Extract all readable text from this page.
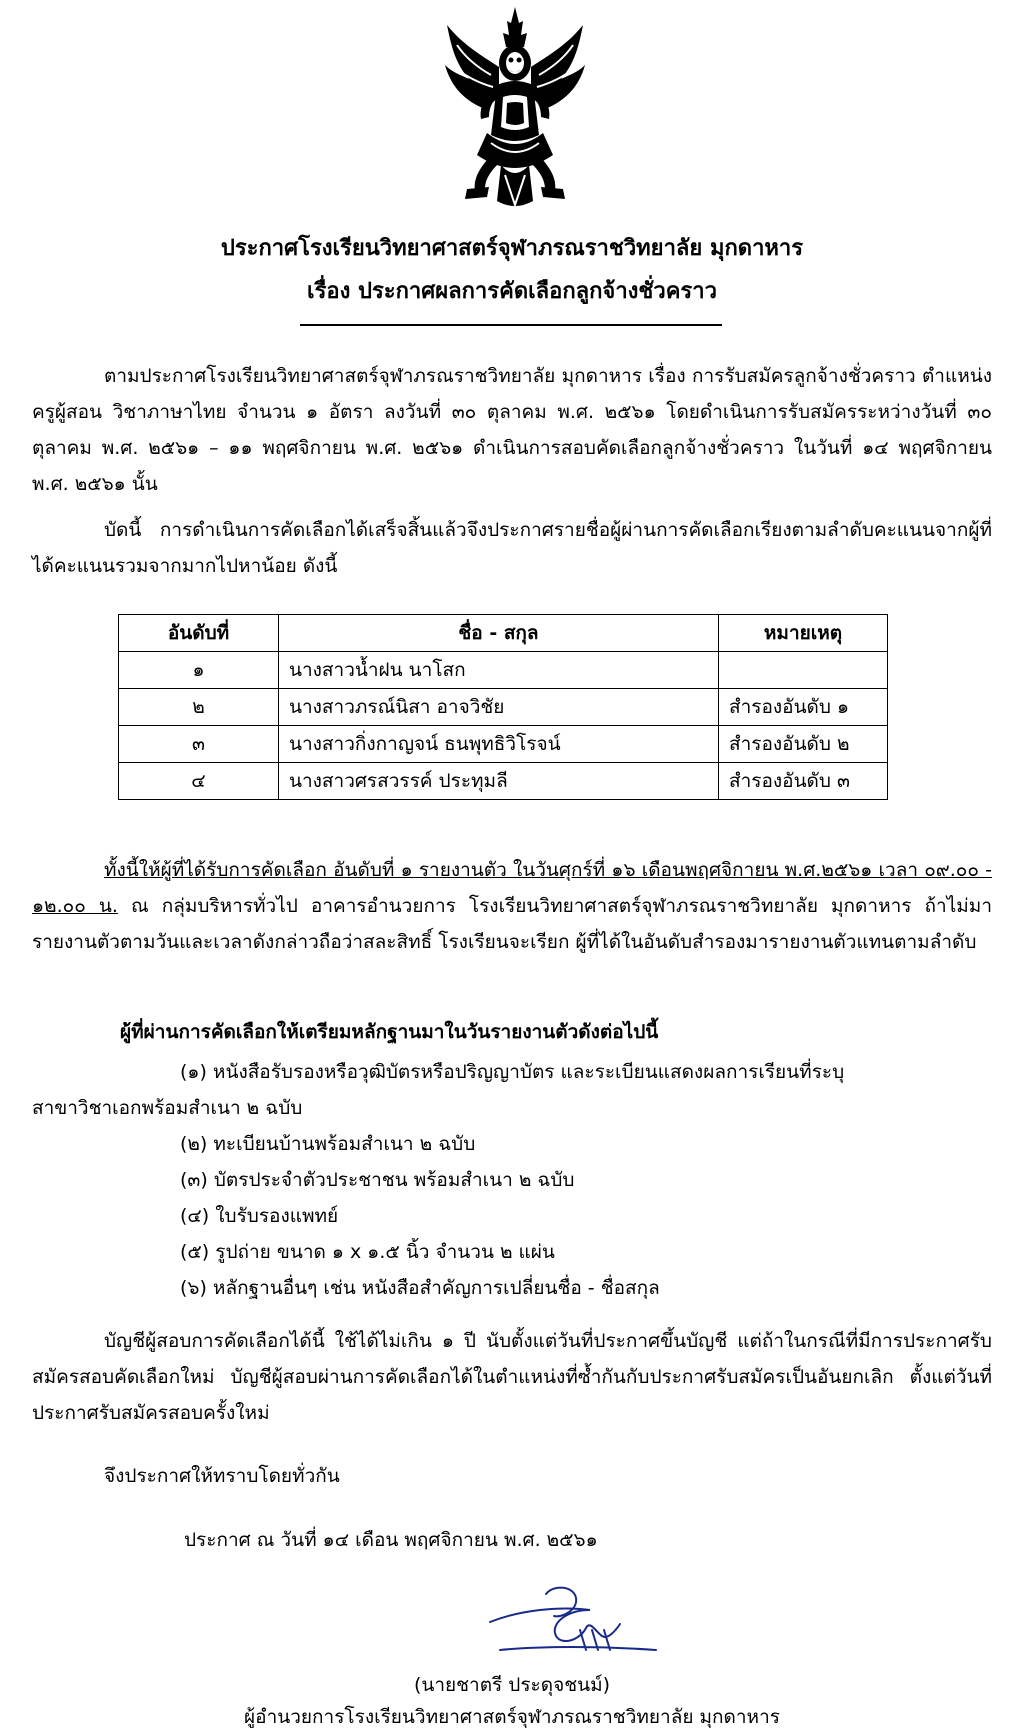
ประกาศโรงเรียนวิทยาศาสตร์จุฬาภรณราชวิทยาลัย มุกดาหาร
เรื่อง ประกาศผลการคัดเลือกลูกจ้างชั่วคราว
ตามประกาศโรงเรียนวิทยาศาสตร์จุฬาภรณราชวิทยาลัย มุกดาหาร เรื่อง การรับสมัครลูกจ้างชั่วคราว ตำแหน่ง ครูผู้สอน วิชาภาษาไทย จำนวน ๑ อัตรา ลงวันที่ ๓๐ ตุลาคม พ.ศ. ๒๕๖๑ โดยดำเนินการรับสมัครระหว่างวันที่ ๓๐ ตุลาคม พ.ศ. ๒๕๖๑ – ๑๑ พฤศจิกายน พ.ศ. ๒๕๖๑ ดำเนินการสอบคัดเลือกลูกจ้างชั่วคราว ในวันที่ ๑๔ พฤศจิกายน พ.ศ. ๒๕๖๑ นั้น
บัดนี้ การดำเนินการคัดเลือกได้เสร็จสิ้นแล้วจึงประกาศรายชื่อผู้ผ่านการคัดเลือกเรียงตามลำดับคะแนนจากผู้ที่ได้คะแนนรวมจากมากไปหาน้อย ดังนี้
อันดับที่	ชื่อ - สกุล	หมายเหตุ
๑	นางสาวน้ำฝน นาโสก	
๒	นางสาวภรณ์นิสา อาจวิชัย	สำรองอันดับ ๑
๓	นางสาวกิ่งกาญจน์ ธนพุทธิวิโรจน์	สำรองอันดับ ๒
๔	นางสาวศรสวรรค์ ประทุมลี	สำรองอันดับ ๓
ทั้งนี้ให้ผู้ที่ได้รับการคัดเลือก อันดับที่ ๑ รายงานตัว ในวันศุกร์ที่ ๑๖ เดือนพฤศจิกายน พ.ศ.๒๕๖๑ เวลา ๐๙.๐๐ - ๑๒.๐๐ น. ณ กลุ่มบริหารทั่วไป อาคารอำนวยการ โรงเรียนวิทยาศาสตร์จุฬาภรณราชวิทยาลัย มุกดาหาร ถ้าไม่มารายงานตัวตามวันและเวลาดังกล่าวถือว่าสละสิทธิ์ โรงเรียนจะเรียก ผู้ที่ได้ในอันดับสำรองมารายงานตัวแทนตามลำดับ
ผู้ที่ผ่านการคัดเลือกให้เตรียมหลักฐานมาในวันรายงานตัวดังต่อไปนี้
(๑) หนังสือรับรองหรือวุฒิบัตรหรือปริญญาบัตร และระเบียนแสดงผลการเรียนที่ระบุ
สาขาวิชาเอกพร้อมสำเนา ๒ ฉบับ
(๒) ทะเบียนบ้านพร้อมสำเนา ๒ ฉบับ
(๓) บัตรประจำตัวประชาชน พร้อมสำเนา ๒ ฉบับ
(๔) ใบรับรองแพทย์
(๕) รูปถ่าย ขนาด ๑ x ๑.๕ นิ้ว จำนวน ๒ แผ่น
(๖) หลักฐานอื่นๆ เช่น หนังสือสำคัญการเปลี่ยนชื่อ - ชื่อสกุล
บัญชีผู้สอบการคัดเลือกได้นี้ ใช้ได้ไม่เกิน ๑ ปี นับตั้งแต่วันที่ประกาศขึ้นบัญชี แต่ถ้าในกรณีที่มีการประกาศรับสมัครสอบคัดเลือกใหม่ บัญชีผู้สอบผ่านการคัดเลือกได้ในตำแหน่งที่ซ้ำกันกับประกาศรับสมัครเป็นอันยกเลิก ตั้งแต่วันที่ประกาศรับสมัครสอบครั้งใหม่
จึงประกาศให้ทราบโดยทั่วกัน
ประกาศ ณ วันที่ ๑๔ เดือน พฤศจิกายน พ.ศ. ๒๕๖๑
(นายชาตรี ประดุจชนม์)
ผู้อำนวยการโรงเรียนวิทยาศาสตร์จุฬาภรณราชวิทยาลัย มุกดาหาร
